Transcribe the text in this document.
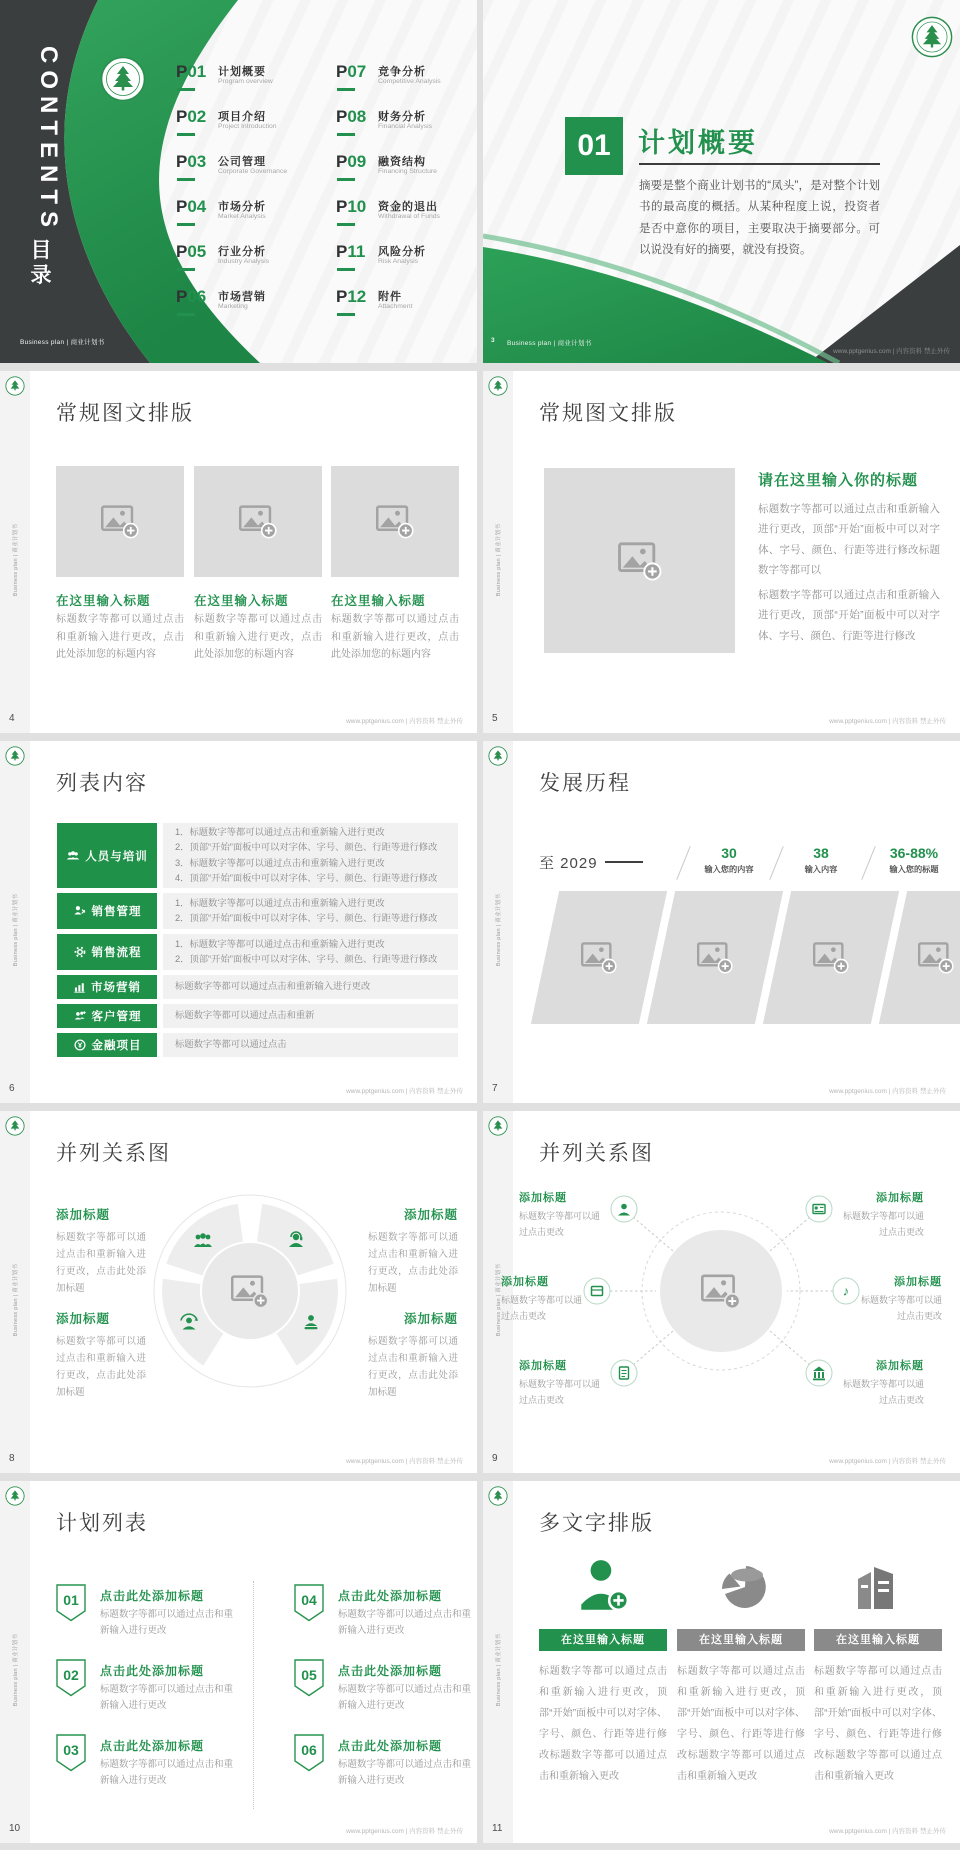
CONTENTS
目录
P01 计划概要
Program overview
P02 项目介绍
Project Introduction
P03 公司管理
Corporate Governance
P04 市场分析
Market Analysis
P05 行业分析
Industry Analysis
P06 市场营销
Marketing
P07 竞争分析
Competitive Analysis
P08 财务分析
Financial Analysis
P09 融资结构
Financing Structure
P10 资金的退出
Withdrawal of Funds
P11 风险分析
Risk Analysis
P12 附件
Attachment
Business plan | 商业计划书
01	计划概要
摘要是整个商业计划书的“凤头”，是对整个计划书的最高度的概括。从某种程度上说，投资者是否中意你的项目，主要取决于摘要部分。可以说没有好的摘要，就没有投资。
3 Business plan | 商业计划书
www.pptgenius.com | 内容资料 禁止外传
Business plan | 商业计划书
4	www.pptgenius.com | 内容资料 禁止外传
常规图文排版
在这里输入标题
标题数字等都可以通过点击和重新输入进行更改，点击此处添加您的标题内容
在这里输入标题
标题数字等都可以通过点击和重新输入进行更改，点击此处添加您的标题内容
在这里输入标题
标题数字等都可以通过点击和重新输入进行更改，点击此处添加您的标题内容
Business plan | 商业计划书
5	www.pptgenius.com | 内容资料 禁止外传
常规图文排版
请在这里输入你的标题
标题数字等都可以通过点击和重新输入进行更改，顶部“开始”面板中可以对字体、字号、颜色、行距等进行修改标题数字等都可以
标题数字等都可以通过点击和重新输入进行更改，顶部“开始”面板中可以对字体、字号、颜色、行距等进行修改
Business plan | 商业计划书
6	www.pptgenius.com | 内容资料 禁止外传
列表内容
人员与培训
1．标题数字等都可以通过点击和重新输入进行更改
2．顶部“开始”面板中可以对字体、字号、颜色、行距等进行修改
3．标题数字等都可以通过点击和重新输入进行更改
4．顶部“开始”面板中可以对字体、字号、颜色、行距等进行修改
销售管理
1．标题数字等都可以通过点击和重新输入进行更改
2．顶部“开始”面板中可以对字体、字号、颜色、行距等进行修改
销售流程
1．标题数字等都可以通过点击和重新输入进行更改
2．顶部“开始”面板中可以对字体、字号、颜色、行距等进行修改
市场营销	标题数字等都可以通过点击和重新输入进行更改
客户管理	标题数字等都可以通过点击和重新
金融项目	标题数字等都可以通过点击
Business plan | 商业计划书
7	www.pptgenius.com | 内容资料 禁止外传
发展历程
至 2029
30
输入您的内容
38
输入内容
36-88%
输入您的标题
Business plan | 商业计划书
8	www.pptgenius.com | 内容资料 禁止外传
并列关系图
添加标题
标题数字等都可以通过点击和重新输入进行更改，点击此处添加标题
添加标题
标题数字等都可以通过点击和重新输入进行更改，点击此处添加标题
添加标题
标题数字等都可以通过点击和重新输入进行更改，点击此处添加标题
添加标题
标题数字等都可以通过点击和重新输入进行更改，点击此处添加标题
Business plan | 商业计划书
9	www.pptgenius.com | 内容资料 禁止外传
并列关系图
♪
添加标题
标题数字等都可以通过点击更改
添加标题
标题数字等都可以通过点击更改
添加标题
标题数字等都可以通过点击更改
添加标题
标题数字等都可以通过点击更改
添加标题
标题数字等都可以通过点击更改
添加标题
标题数字等都可以通过点击更改
Business plan | 商业计划书
10	www.pptgenius.com | 内容资料 禁止外传
计划列表
01 点击此处添加标题
标题数字等都可以通过点击和重新输入进行更改
02 点击此处添加标题
标题数字等都可以通过点击和重新输入进行更改
03 点击此处添加标题
标题数字等都可以通过点击和重新输入进行更改
04 点击此处添加标题
标题数字等都可以通过点击和重新输入进行更改
05 点击此处添加标题
标题数字等都可以通过点击和重新输入进行更改
06 点击此处添加标题
标题数字等都可以通过点击和重新输入进行更改
Business plan | 商业计划书
11	www.pptgenius.com | 内容资料 禁止外传
多文字排版
在这里输入标题	在这里输入标题	在这里输入标题
标题数字等都可以通过点击和重新输入进行更改，顶部“开始”面板中可以对字体、字号、颜色、行距等进行修改标题数字等都可以通过点击和重新输入更改
标题数字等都可以通过点击和重新输入进行更改，顶部“开始”面板中可以对字体、字号、颜色、行距等进行修改标题数字等都可以通过点击和重新输入更改
标题数字等都可以通过点击和重新输入进行更改，顶部“开始”面板中可以对字体、字号、颜色、行距等进行修改标题数字等都可以通过点击和重新输入更改
